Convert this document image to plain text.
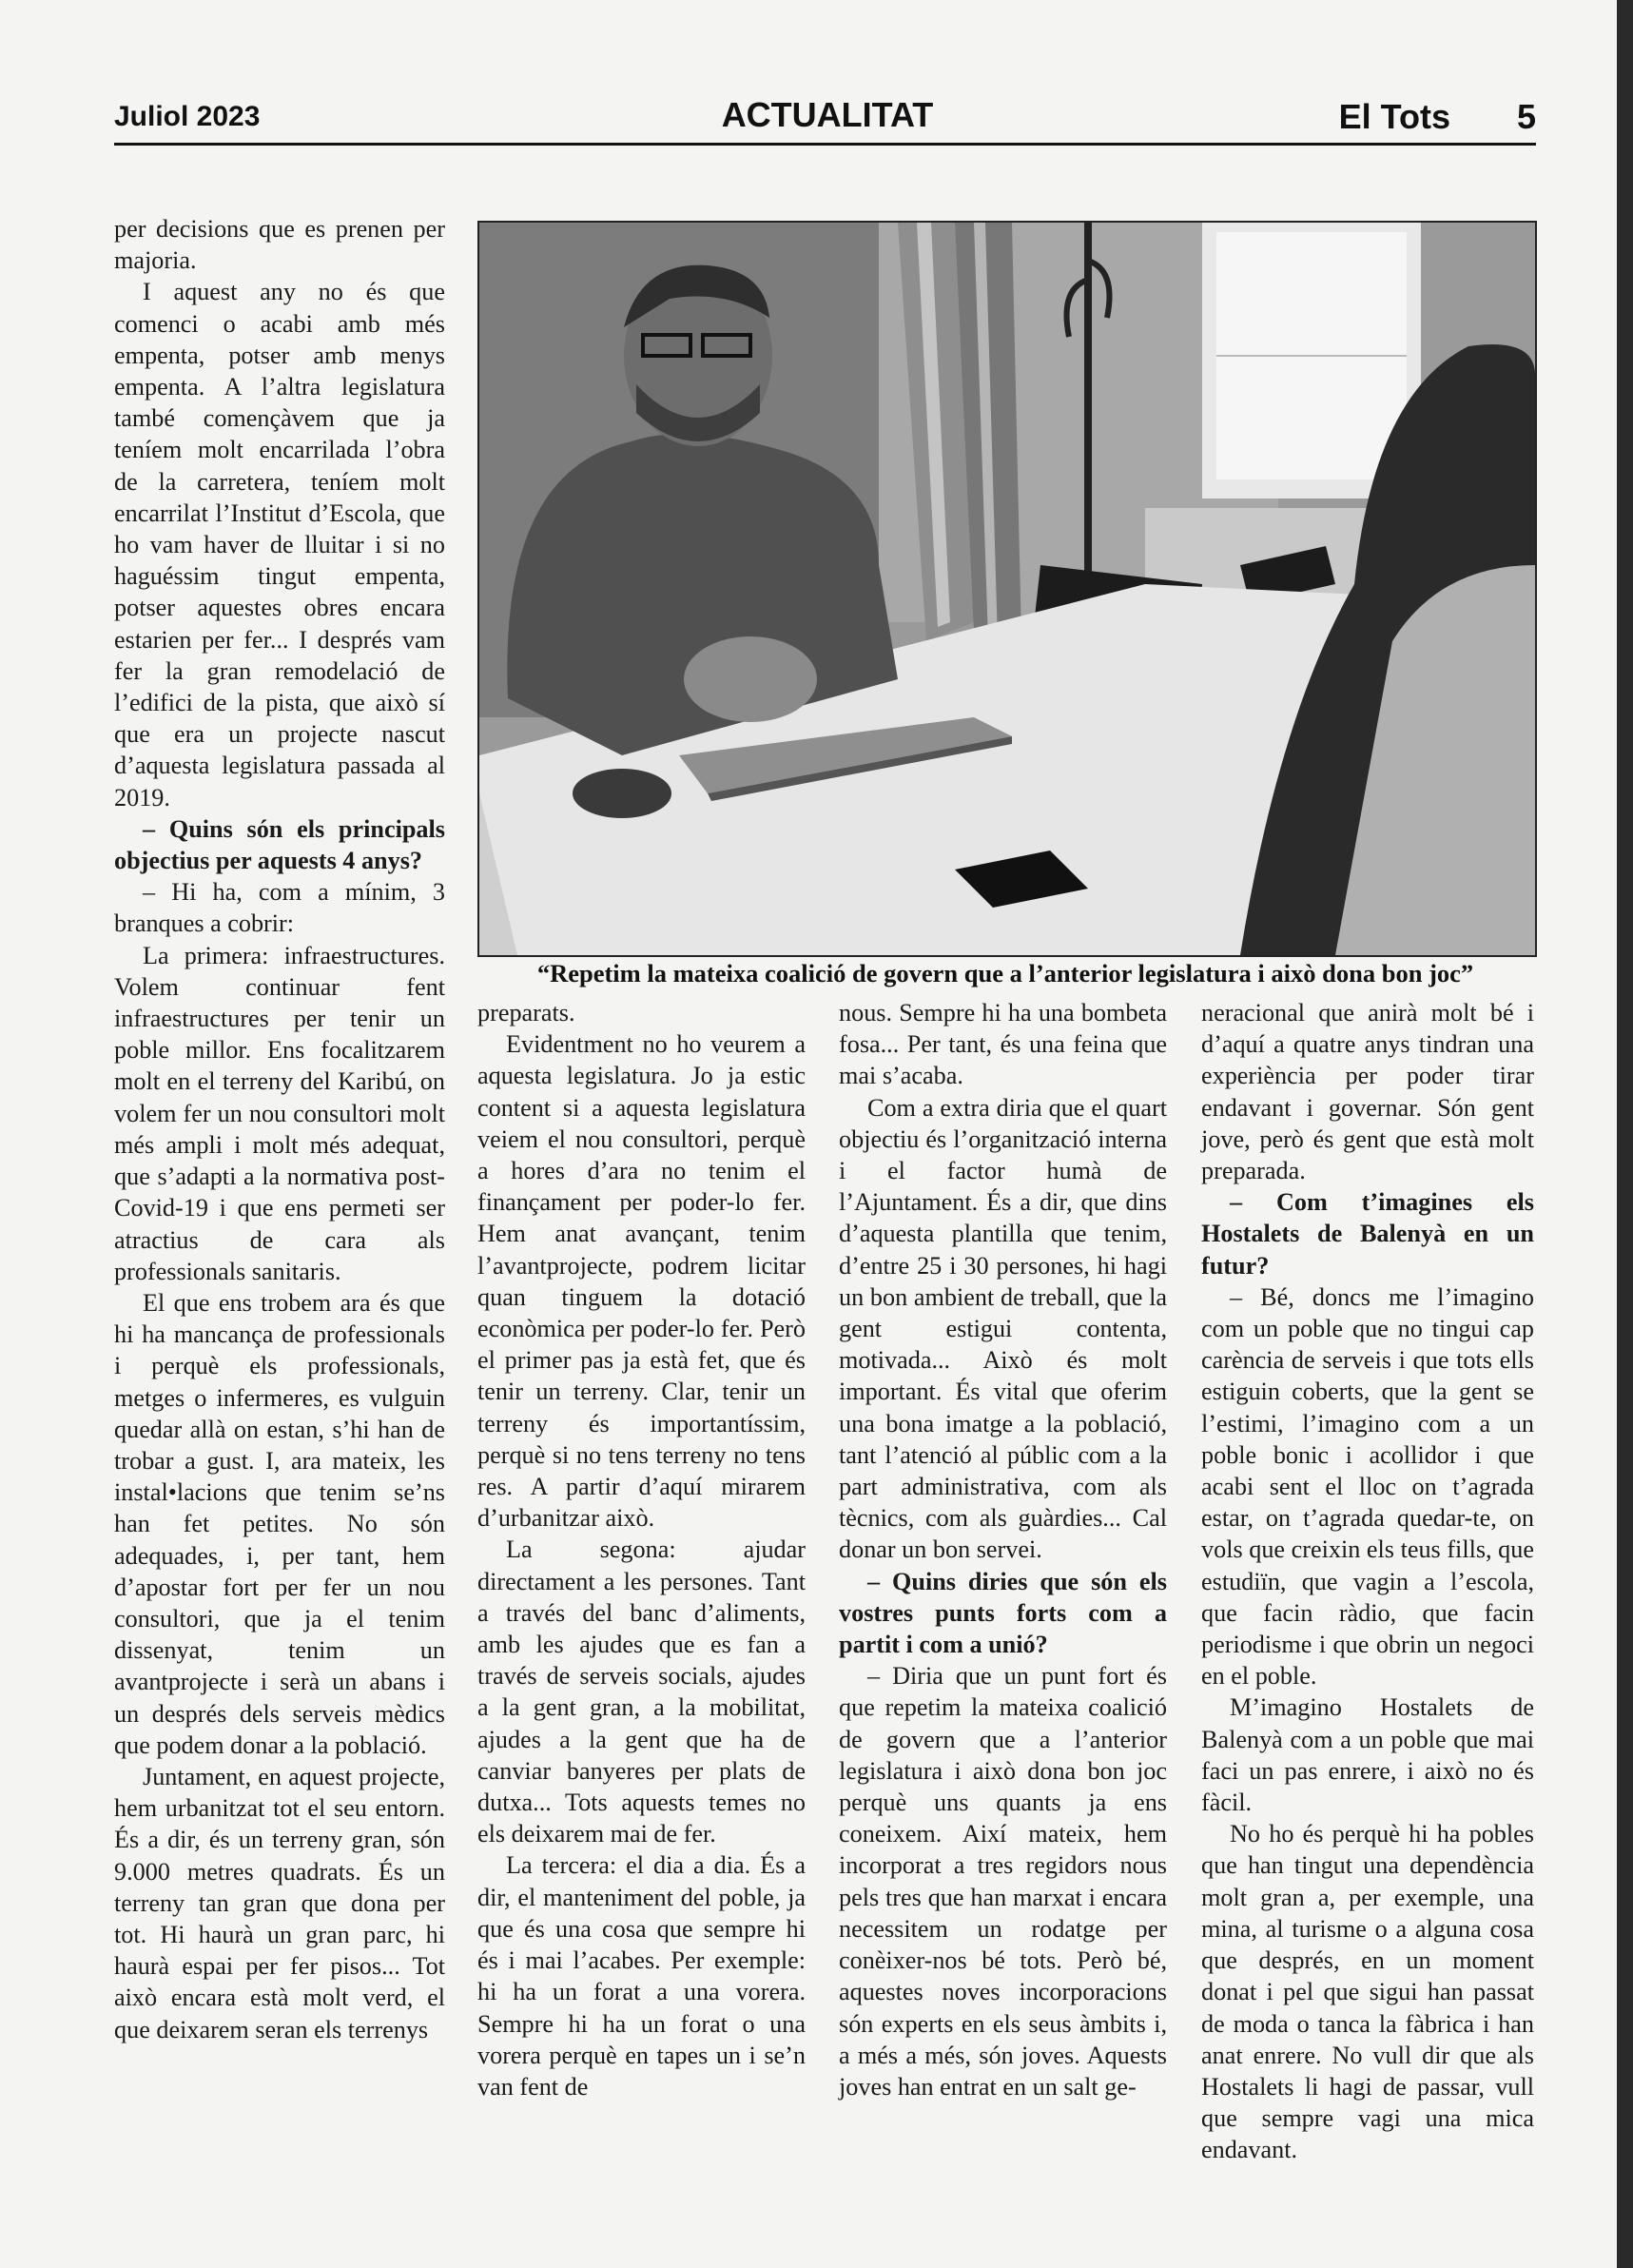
Juliol 2023	ACTUALITAT	El Tots 5
“Repetim la mateixa coalició de govern que a l’anterior legislatura i això dona bon joc”

per decisions que es prenen per majoria.

I aquest any no és que comenci o acabi amb més empenta, potser amb menys empenta. A l’altra legislatura també començàvem que ja teníem molt encarrilada l’obra de la carretera, teníem molt encarrilat l’Institut d’Escola, que ho vam haver de lluitar i si no haguéssim tingut empenta, potser aquestes obres encara estarien per fer... I després vam fer la gran remodelació de l’edifici de la pista, que això sí que era un projecte nascut d’aquesta legislatura passada al 2019.

– Quins són els principals objectius per aquests 4 anys?

– Hi ha, com a mínim, 3 branques a cobrir:

La primera: infraestructures. Volem continuar fent infraestructures per tenir un poble millor. Ens focalitzarem molt en el terreny del Karibú, on volem fer un nou consultori molt més ampli i molt més adequat, que s’adapti a la normativa post-Covid-19 i que ens permeti ser atractius de cara als professionals sanitaris.

El que ens trobem ara és que hi ha mancança de professionals i perquè els professionals, metges o infermeres, es vulguin quedar allà on estan, s’hi han de trobar a gust. I, ara mateix, les instal•lacions que tenim se’ns han fet petites. No són adequades, i, per tant, hem d’apostar fort per fer un nou consultori, que ja el tenim dissenyat, tenim un avantprojecte i serà un abans i un després dels serveis mèdics que podem donar a la població.

Juntament, en aquest projecte, hem urbanitzat tot el seu entorn. És a dir, és un terreny gran, són 9.000 metres quadrats. És un terreny tan gran que dona per tot. Hi haurà un gran parc, hi haurà espai per fer pisos... Tot això encara està molt verd, el que deixarem seran els terrenys

preparats.

Evidentment no ho veurem a aquesta legislatura. Jo ja estic content si a aquesta legislatura veiem el nou consultori, perquè a hores d’ara no tenim el finançament per poder-lo fer. Hem anat avançant, tenim l’avantprojecte, podrem licitar quan tinguem la dotació econòmica per poder-lo fer. Però el primer pas ja està fet, que és tenir un terreny. Clar, tenir un terreny és importantíssim, perquè si no tens terreny no tens res. A partir d’aquí mirarem d’urbanitzar això.

La segona: ajudar directament a les persones. Tant a través del banc d’aliments, amb les ajudes que es fan a través de serveis socials, ajudes a la gent gran, a la mobilitat, ajudes a la gent que ha de canviar banyeres per plats de dutxa... Tots aquests temes no els deixarem mai de fer.

La tercera: el dia a dia. És a dir, el manteniment del poble, ja que és una cosa que sempre hi és i mai l’acabes. Per exemple: hi ha un forat a una vorera. Sempre hi ha un forat o una vorera perquè en tapes un i se’n van fent de

nous. Sempre hi ha una bombeta fosa... Per tant, és una feina que mai s’acaba.

Com a extra diria que el quart objectiu és l’organització interna i el factor humà de l’Ajuntament. És a dir, que dins d’aquesta plantilla que tenim, d’entre 25 i 30 persones, hi hagi un bon ambient de treball, que la gent estigui contenta, motivada... Això és molt important. És vital que oferim una bona imatge a la població, tant l’atenció al públic com a la part administrativa, com als tècnics, com als guàrdies... Cal donar un bon servei.

– Quins diries que són els vostres punts forts com a partit i com a unió?

– Diria que un punt fort és que repetim la mateixa coalició de govern que a l’anterior legislatura i això dona bon joc perquè uns quants ja ens coneixem. Així mateix, hem incorporat a tres regidors nous pels tres que han marxat i encara necessitem un rodatge per conèixer-nos bé tots. Però bé, aquestes noves incorporacions són experts en els seus àmbits i, a més a més, són joves. Aquests joves han entrat en un salt ge-

neracional que anirà molt bé i d’aquí a quatre anys tindran una experiència per poder tirar endavant i governar. Són gent jove, però és gent que està molt preparada.

– Com t’imagines els Hostalets de Balenyà en un futur?

– Bé, doncs me l’imagino com un poble que no tingui cap carència de serveis i que tots ells estiguin coberts, que la gent se l’estimi, l’imagino com a un poble bonic i acollidor i que acabi sent el lloc on t’agrada estar, on t’agrada quedar-te, on vols que creixin els teus fills, que estudiïn, que vagin a l’escola, que facin ràdio, que facin periodisme i que obrin un negoci en el poble.

M’imagino Hostalets de Balenyà com a un poble que mai faci un pas enrere, i això no és fàcil.

No ho és perquè hi ha pobles que han tingut una dependència molt gran a, per exemple, una mina, al turisme o a alguna cosa que després, en un moment donat i pel que sigui han passat de moda o tanca la fàbrica i han anat enrere. No vull dir que als Hostalets li hagi de passar, vull que sempre vagi una mica endavant.
